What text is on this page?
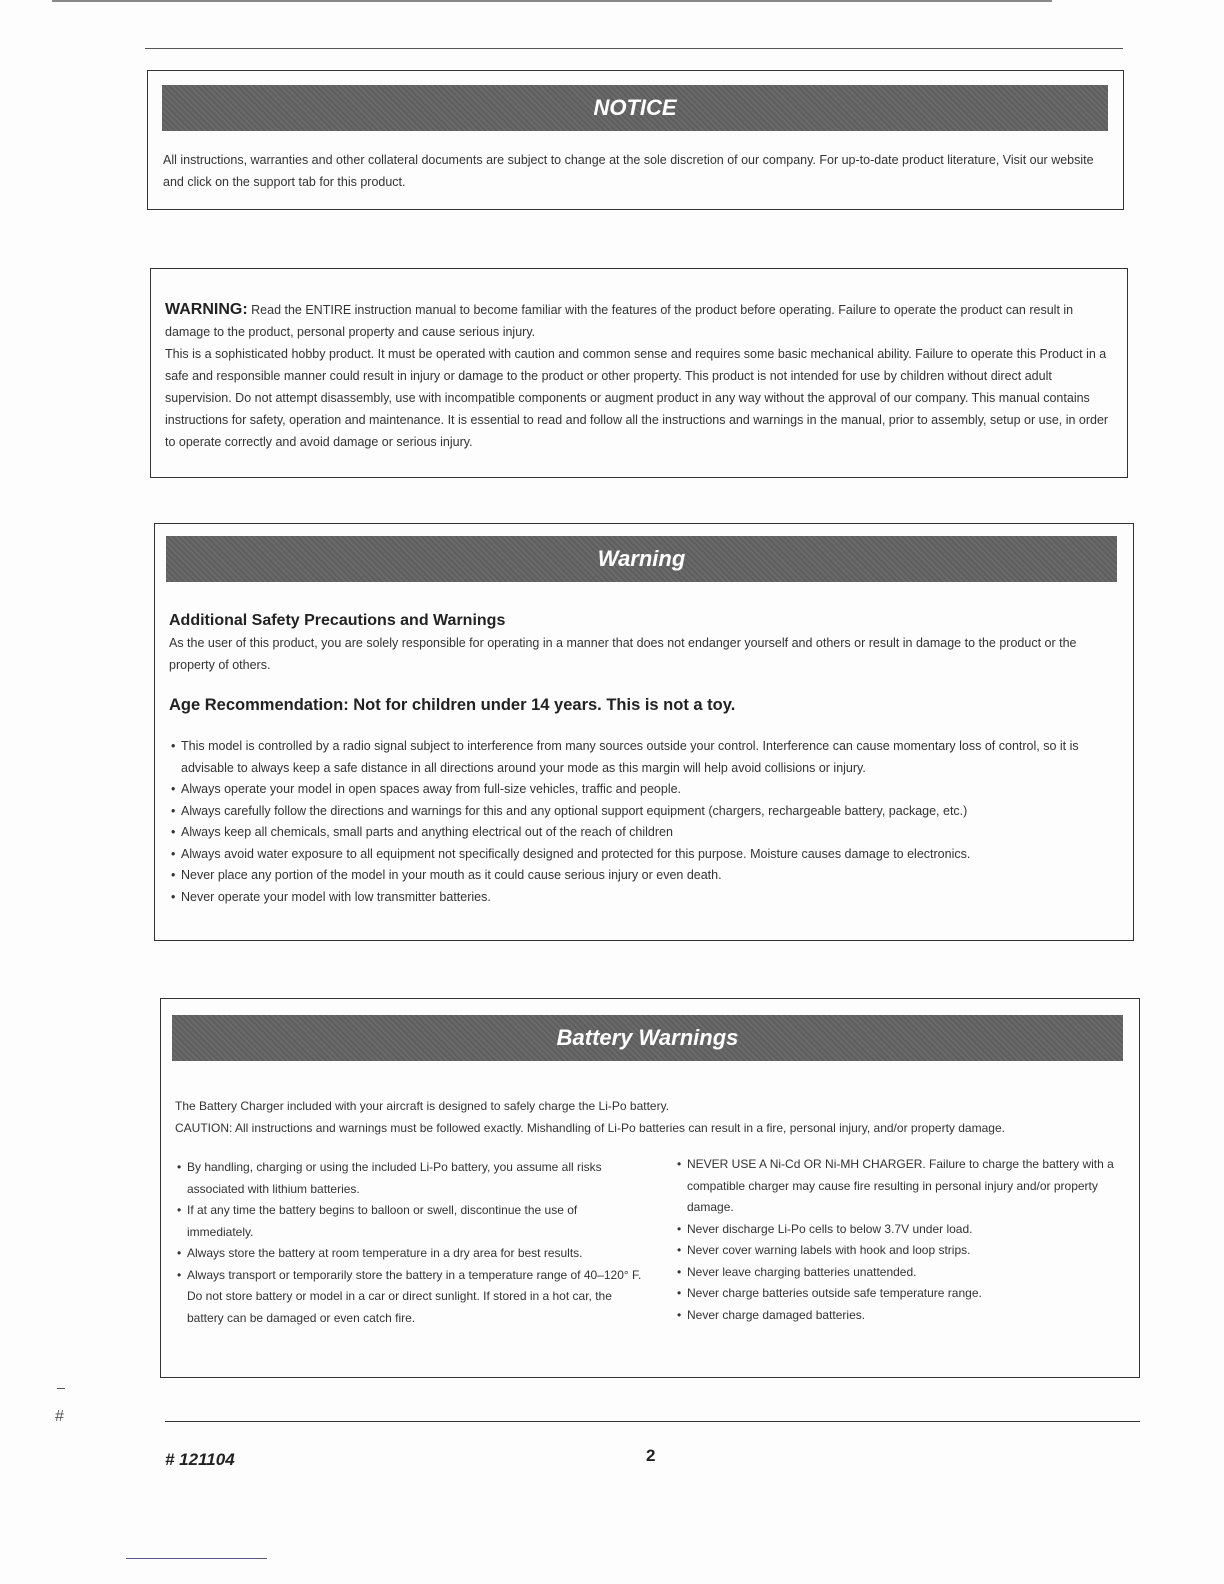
NOTICE

All instructions, warranties and other collateral documents are subject to change at the sole discretion of our company. For up-to-date product literature, Visit our website and click on the support tab for this product.

WARNING: Read the ENTIRE instruction manual to become familiar with the features of the product before operating. Failure to operate the product can result in damage to the product, personal property and cause serious injury.

This is a sophisticated hobby product. It must be operated with caution and common sense and requires some basic mechanical ability. Failure to operate this Product in a safe and responsible manner could result in injury or damage to the product or other property. This product is not intended for use by children without direct adult supervision. Do not attempt disassembly, use with incompatible components or augment product in any way without the approval of our company. This manual contains instructions for safety, operation and maintenance. It is essential to read and follow all the instructions and warnings in the manual, prior to assembly, setup or use, in order to operate correctly and avoid damage or serious injury.

Warning
Additional Safety Precautions and Warnings

As the user of this product, you are solely responsible for operating in a manner that does not endanger yourself and others or result in damage to the product or the property of others.

Age Recommendation: Not for children under 14 years. This is not a toy.
• This model is controlled by a radio signal subject to interference from many sources outside your control. Interference can cause momentary loss of control, so it is advisable to always keep a safe distance in all directions around your mode as this margin will help avoid collisions or injury.
• Always operate your model in open spaces away from full-size vehicles, traffic and people.
• Always carefully follow the directions and warnings for this and any optional support equipment (chargers, rechargeable battery, package, etc.)
• Always keep all chemicals, small parts and anything electrical out of the reach of children
• Always avoid water exposure to all equipment not specifically designed and protected for this purpose. Moisture causes damage to electronics.
• Never place any portion of the model in your mouth as it could cause serious injury or even death.
• Never operate your model with low transmitter batteries.
Battery Warnings

The Battery Charger included with your aircraft is designed to safely charge the Li-Po battery.

CAUTION: All instructions and warnings must be followed exactly. Mishandling of Li-Po batteries can result in a fire, personal injury, and/or property damage.

• By handling, charging or using the included Li-Po battery, you assume all risks associated with lithium batteries.
• If at any time the battery begins to balloon or swell, discontinue the use of immediately.
• Always store the battery at room temperature in a dry area for best results.
• Always transport or temporarily store the battery in a temperature range of 40–120° F. Do not store battery or model in a car or direct sunlight. If stored in a hot car, the battery can be damaged or even catch fire.
• NEVER USE A Ni-Cd OR Ni-MH CHARGER. Failure to charge the battery with a compatible charger may cause fire resulting in personal injury and/or property damage.
• Never discharge Li-Po cells to below 3.7V under load.
• Never cover warning labels with hook and loop strips.
• Never leave charging batteries unattended.
• Never charge batteries outside safe temperature range.
• Never charge damaged batteries.
#
# 121104	2
